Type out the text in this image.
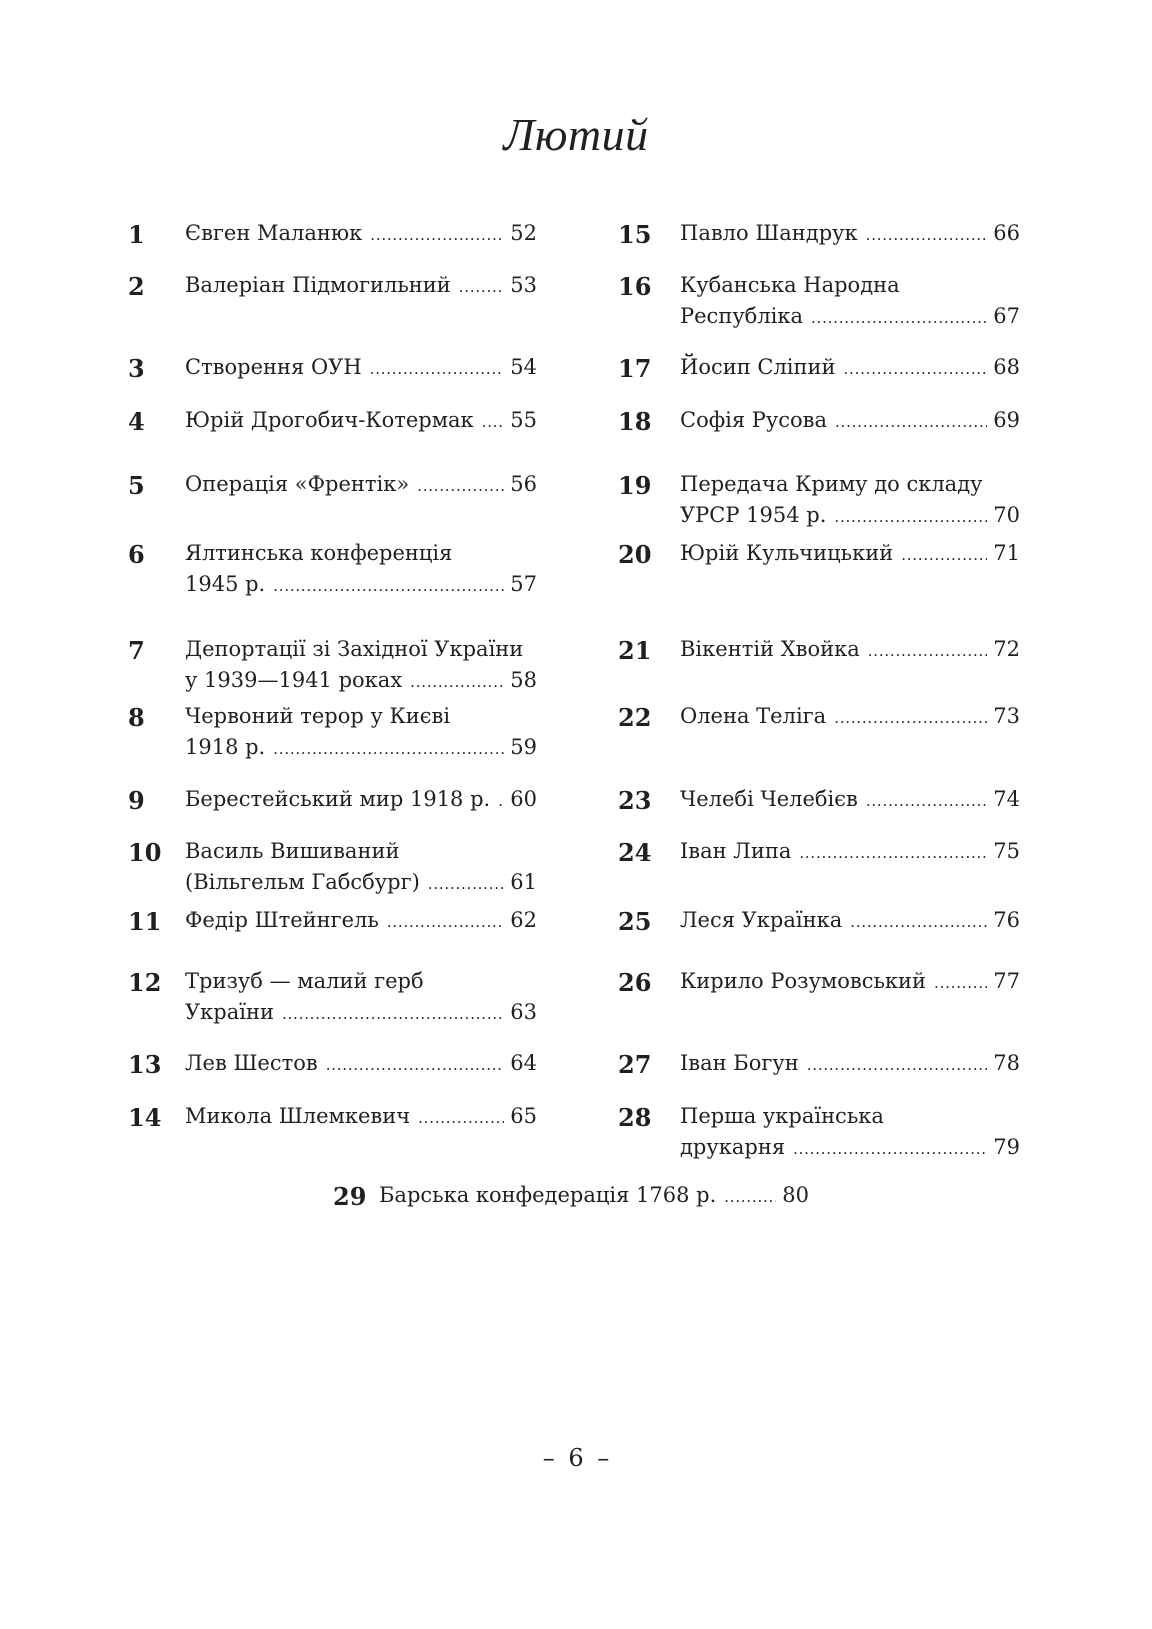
Лютий
1 Євген Маланюк . . .	52
2 Валеріан Підмогильний . . .	53
3 Створення ОУН . . .	54
4 Юрій Дрогобич-Котермак . . . 55
5 Операція «Френтік» . . .	56
6 Ялтинська конференція
1945 р. . . .	57
7 Депортації зі Західної України
у 1939—1941 роках . . .	58
8 Червоний терор у Києві
1918 р. . . .	59
9 Берестейський мир 1918 р. . . . 60
10 Василь Вишиваний
(Вільгельм Габсбург) . . .	61
11 Федір Штейнгель . . .	62
12 Тризуб — малий герб
України . . .	63
13 Лев Шестов . . .	64
14 Микола Шлемкевич . . .	65
15 Павло Шандрук . . .	66
16 Кубанська Народна
Республіка . . .	67
17 Йосип Сліпий . . .	68
18 Софія Русова . . .	69
19 Передача Криму до складу
УРСР 1954 р. . . .	70
20 Юрій Кульчицький . . .	71
21 Вікентій Хвойка . . .	72
22 Олена Теліга . . .	73
23 Челебі Челебієв . . .	74
24 Іван Липа . . .	75
25 Леся Українка . . .	76
26 Кирило Розумовський . . .	77
27 Іван Богун . . .	78
28 Перша українська
друкарня . . .	79
29 Барська конфедерація 1768 р. . . .	80
– 6 –
